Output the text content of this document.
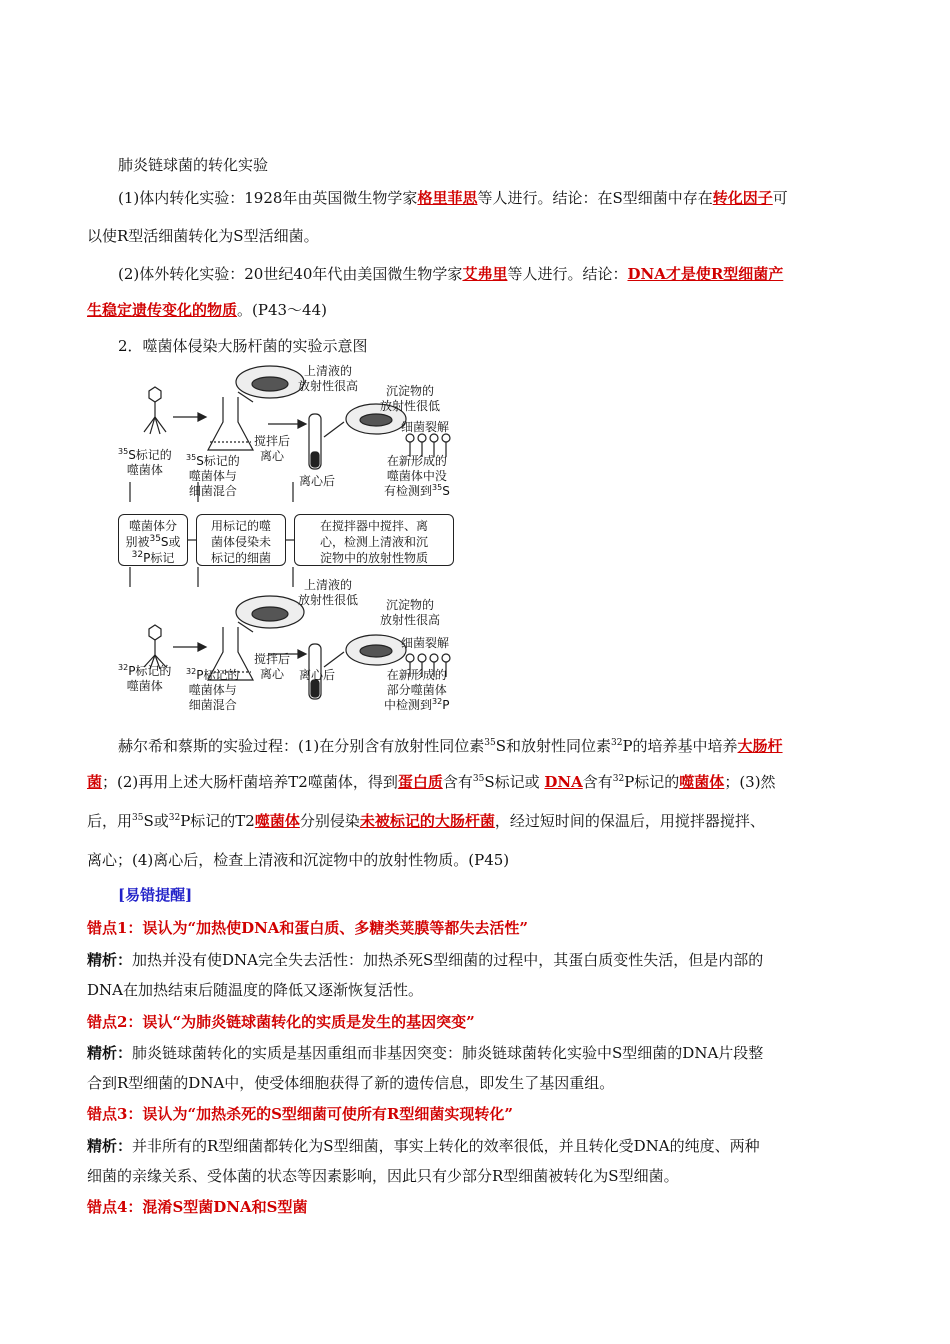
肺炎链球菌的转化实验
(1)体内转化实验：1928年由英国微生物学家格里菲思等人进行。结论：在S型细菌中存在转化因子可
以使R型活细菌转化为S型活细菌。
(2)体外转化实验：20世纪40年代由美国微生物学家艾弗里等人进行。结论：DNA才是使R型细菌产
生稳定遗传变化的物质。(P43～44)
2．噬菌体侵染大肠杆菌的实验示意图
上清液的
放射性很高	沉淀物的
放射性很低
细菌裂解
$^{35}$S标记的
噬菌体
$^{35}$S标记的
噬菌体与
细菌混合
搅拌后
离心
离心后
在新形成的
噬菌体中没
有检测到$^{35}$S
噬菌体分
别被$^{35}$S或
$^{32}$P标记
用标记的噬
菌体侵染未
标记的细菌
在搅拌器中搅拌、离
心，检测上清液和沉
淀物中的放射性物质
上清液的
放射性很低	沉淀物的
放射性很高
细菌裂解
$^{32}$P标记的
噬菌体
$^{32}$P标记的
噬菌体与
细菌混合
搅拌后
离心	离心后	在新形成的
部分噬菌体
中检测到$^{32}$P
赫尔希和蔡斯的实验过程：(1)在分别含有放射性同位素$^{35}$S和放射性同位素$^{32}$P的培养基中培养大肠杆
菌；(2)再用上述大肠杆菌培养T2噬菌体，得到蛋白质含有$^{35}$S标记或 DNA含有$^{32}$P标记的噬菌体；(3)然
后，用$^{35}$S或$^{32}$P标记的T2噬菌体分别侵染未被标记的大肠杆菌，经过短时间的保温后，用搅拌器搅拌、
离心；(4)离心后，检查上清液和沉淀物中的放射性物质。(P45)
[易错提醒]
错点1：误认为“加热使DNA和蛋白质、多糖类荚膜等都失去活性”
精析：加热并没有使DNA完全失去活性：加热杀死S型细菌的过程中，其蛋白质变性失活，但是内部的
DNA在加热结束后随温度的降低又逐渐恢复活性。
错点2：误认“为肺炎链球菌转化的实质是发生的基因突变”
精析：肺炎链球菌转化的实质是基因重组而非基因突变：肺炎链球菌转化实验中S型细菌的DNA片段整
合到R型细菌的DNA中，使受体细胞获得了新的遗传信息，即发生了基因重组。
错点3：误认为“加热杀死的S型细菌可使所有R型细菌实现转化”
精析：并非所有的R型细菌都转化为S型细菌，事实上转化的效率很低，并且转化受DNA的纯度、两种
细菌的亲缘关系、受体菌的状态等因素影响，因此只有少部分R型细菌被转化为S型细菌。
错点4：混淆S型菌DNA和S型菌
